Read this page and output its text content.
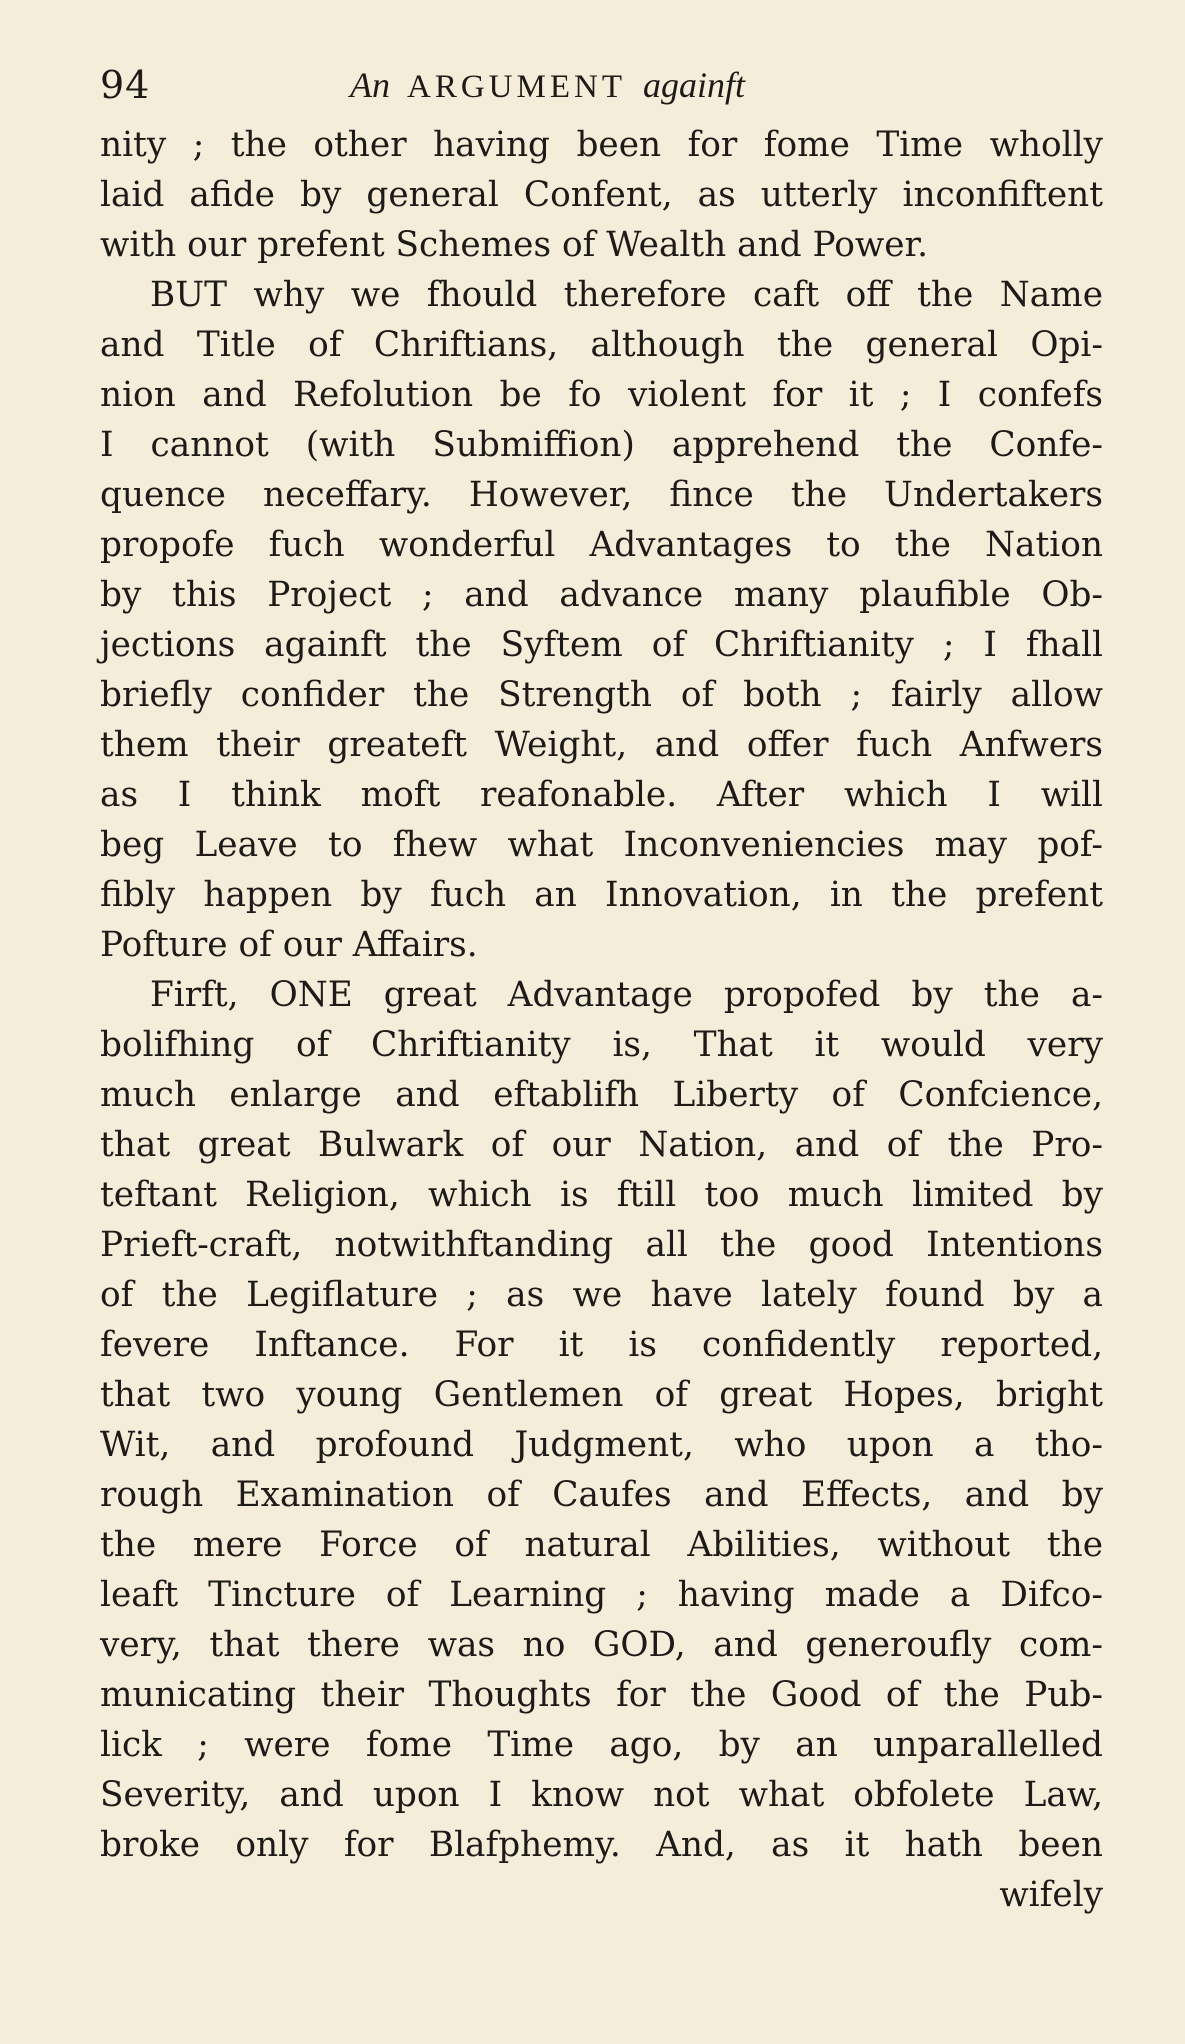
94	An ARGUMENT againft
nity ; the other having been for fome Time wholly
laid afide by general Confent, as utterly inconfiftent
with our prefent Schemes of Wealth and Power.
BUT why we fhould therefore caft off the Name
and Title of Chriftians, although the general Opi-
nion and Refolution be fo violent for it ; I confefs
I cannot (with Submiffion) apprehend the Confe-
quence neceffary. However, fince the Undertakers
propofe fuch wonderful Advantages to the Nation
by this Project ; and advance many plaufible Ob-
jections againft the Syftem of Chriftianity ; I fhall
briefly confider the Strength of both ; fairly allow
them their greateft Weight, and offer fuch Anfwers
as I think moft reafonable. After which I will
beg Leave to fhew what Inconveniencies may pof-
fibly happen by fuch an Innovation, in the prefent
Pofture of our Affairs.
Firft, ONE great Advantage propofed by the a-
bolifhing of Chriftianity is, That it would very
much enlarge and eftablifh Liberty of Confcience,
that great Bulwark of our Nation, and of the Pro-
teftant Religion, which is ftill too much limited by
Prieft-craft, notwithftanding all the good Intentions
of the Legiflature ; as we have lately found by a
fevere Inftance. For it is confidently reported,
that two young Gentlemen of great Hopes, bright
Wit, and profound Judgment, who upon a tho-
rough Examination of Caufes and Effects, and by
the mere Force of natural Abilities, without the
leaft Tincture of Learning ; having made a Difco-
very, that there was no GOD, and generoufly com-
municating their Thoughts for the Good of the Pub-
lick ; were fome Time ago, by an unparallelled
Severity, and upon I know not what obfolete Law,
broke only for Blafphemy. And, as it hath been
wifely
